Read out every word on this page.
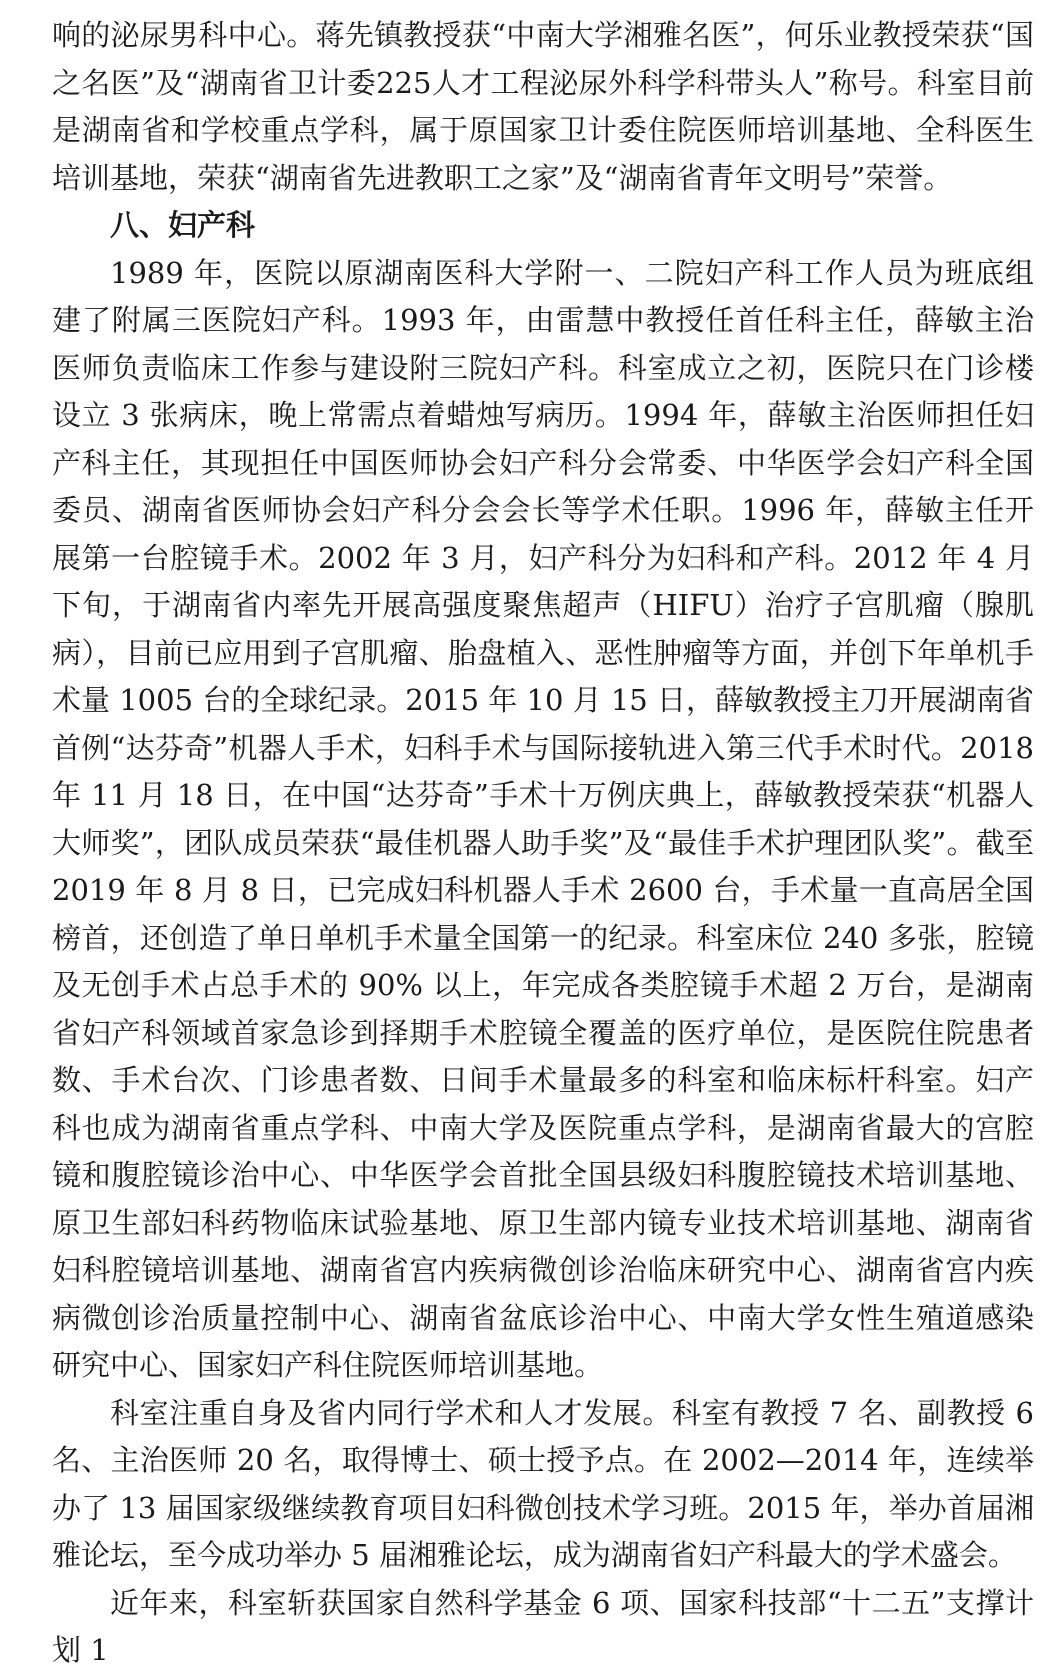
响的泌尿男科中心。蒋先镇教授获“中南大学湘雅名医”，何乐业教授荣获“国之名医”及“湖南省卫计委225人才工程泌尿外科学科带头人”称号。科室目前是湖南省和学校重点学科，属于原国家卫计委住院医师培训基地、全科医生培训基地，荣获“湖南省先进教职工之家”及“湖南省青年文明号”荣誉。

八、妇产科

1989 年，医院以原湖南医科大学附一、二院妇产科工作人员为班底组建了附属三医院妇产科。1993 年，由雷慧中教授任首任科主任，薛敏主治医师负责临床工作参与建设附三院妇产科。科室成立之初，医院只在门诊楼设立 3 张病床，晚上常需点着蜡烛写病历。1994 年，薛敏主治医师担任妇产科主任，其现担任中国医师协会妇产科分会常委、中华医学会妇产科全国委员、湖南省医师协会妇产科分会会长等学术任职。1996 年，薛敏主任开展第一台腔镜手术。2002 年 3 月，妇产科分为妇科和产科。2012 年 4 月下旬，于湖南省内率先开展高强度聚焦超声（HIFU）治疗子宫肌瘤（腺肌病），目前已应用到子宫肌瘤、胎盘植入、恶性肿瘤等方面，并创下年单机手术量 1005 台的全球纪录。2015 年 10 月 15 日，薛敏教授主刀开展湖南省首例“达芬奇”机器人手术，妇科手术与国际接轨进入第三代手术时代。2018 年 11 月 18 日，在中国“达芬奇”手术十万例庆典上，薛敏教授荣获“机器人大师奖”，团队成员荣获“最佳机器人助手奖”及“最佳手术护理团队奖”。截至 2019 年 8 月 8 日，已完成妇科机器人手术 2600 台，手术量一直高居全国榜首，还创造了单日单机手术量全国第一的纪录。科室床位 240 多张，腔镜及无创手术占总手术的 90% 以上，年完成各类腔镜手术超 2 万台，是湖南省妇产科领域首家急诊到择期手术腔镜全覆盖的医疗单位，是医院住院患者数、手术台次、门诊患者数、日间手术量最多的科室和临床标杆科室。妇产科也成为湖南省重点学科、中南大学及医院重点学科，是湖南省最大的宫腔镜和腹腔镜诊治中心、中华医学会首批全国县级妇科腹腔镜技术培训基地、原卫生部妇科药物临床试验基地、原卫生部内镜专业技术培训基地、湖南省妇科腔镜培训基地、湖南省宫内疾病微创诊治临床研究中心、湖南省宫内疾病微创诊治质量控制中心、湖南省盆底诊治中心、中南大学女性生殖道感染研究中心、国家妇产科住院医师培训基地。

科室注重自身及省内同行学术和人才发展。科室有教授 7 名、副教授 6 名、主治医师 20 名，取得博士、硕士授予点。在 2002—2014 年，连续举办了 13 届国家级继续教育项目妇科微创技术学习班。2015 年，举办首届湘雅论坛，至今成功举办 5 届湘雅论坛，成为湖南省妇产科最大的学术盛会。

近年来，科室斩获国家自然科学基金 6 项、国家科技部“十二五”支撑计划 1
